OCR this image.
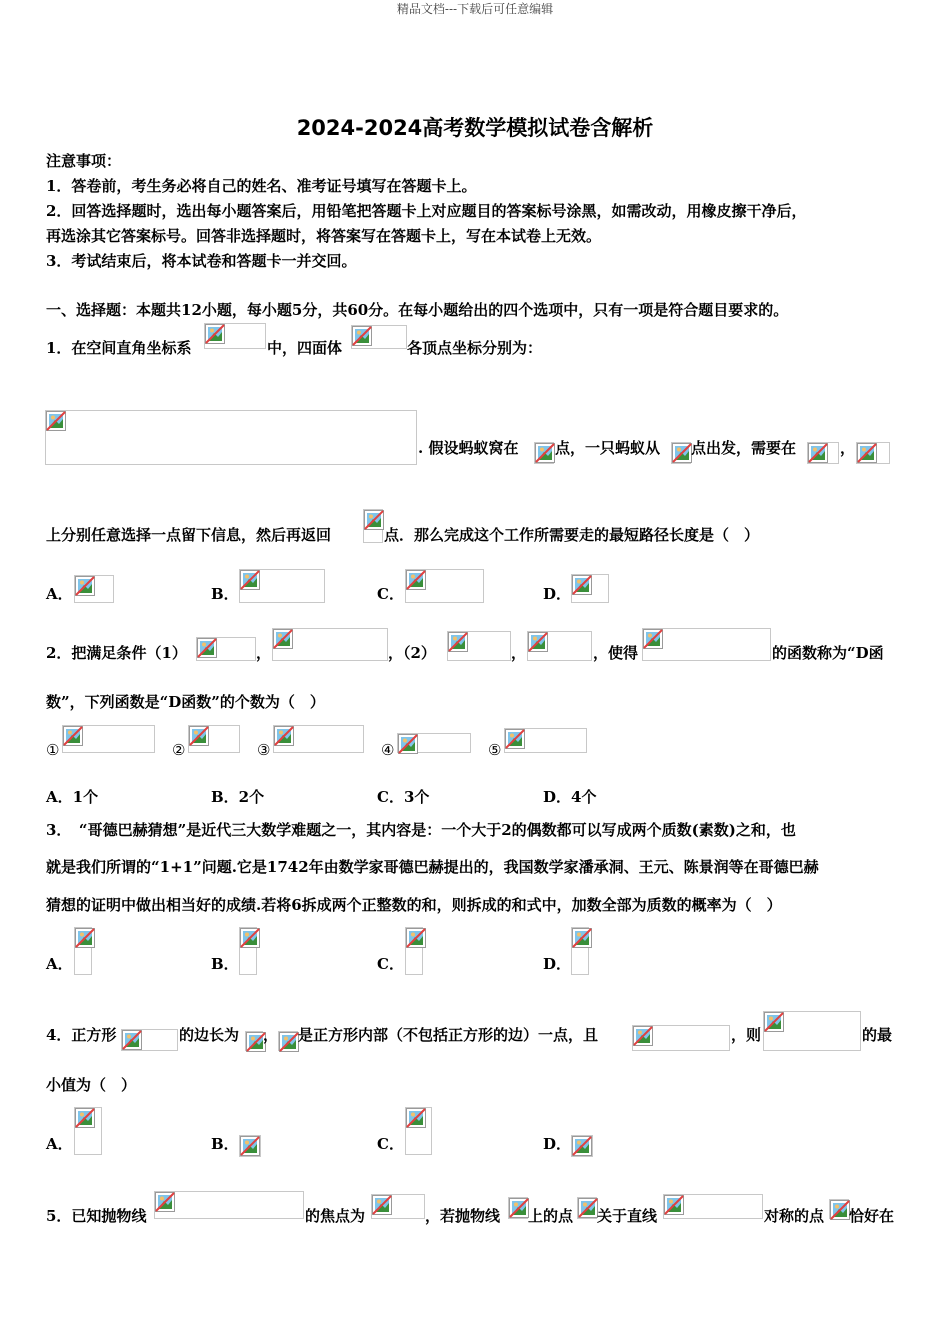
精品文档---下载后可任意编辑
2024-2024高考数学模拟试卷含解析
注意事项：
1．答卷前，考生务必将自己的姓名、准考证号填写在答题卡上。
2．回答选择题时，选出每小题答案后，用铅笔把答题卡上对应题目的答案标号涂黑，如需改动，用橡皮擦干净后，
再选涂其它答案标号。回答非选择题时，将答案写在答题卡上，写在本试卷上无效。
3．考试结束后，将本试卷和答题卡一并交回。
一、选择题：本题共12小题，每小题5分，共60分。在每小题给出的四个选项中，只有一项是符合题目要求的。
1．在空间直角坐标系	中，四面体	各顶点坐标分别为：
. 假设蚂蚁窝在 点，一只蚂蚁从 点出发，需要在	，
上分别任意选择一点留下信息，然后再返回	点．那么完成这个工作所需要走的最短路径长度是（　）
A．	B．	C．	D．
2．把满足条件（1）	，	，（2）	，	，使得	的函数称为“D函
数”，下列函数是“D函数”的个数为（　）
①	②	③	④	⑤
A．1个	B．2个	C．3个	D．4个
3．　“哥德巴赫猜想”是近代三大数学难题之一，其内容是：一个大于2的偶数都可以写成两个质数(素数)之和，也
就是我们所谓的“1+1”问题.它是1742年由数学家哥德巴赫提出的，我国数学家潘承洞、王元、陈景润等在哥德巴赫
猜想的证明中做出相当好的成绩.若将6拆成两个正整数的和，则拆成的和式中，加数全部为质数的概率为（　）
A．	B．	C．	D．
4．正方形	的边长为 ， 是正方形内部（不包括正方形的边）一点，且	，则	的最
小值为（　）
A．	B．	C．	D．
5．已知抛物线	的焦点为	，若抛物线 上的点 关于直线	对称的点 恰好在
